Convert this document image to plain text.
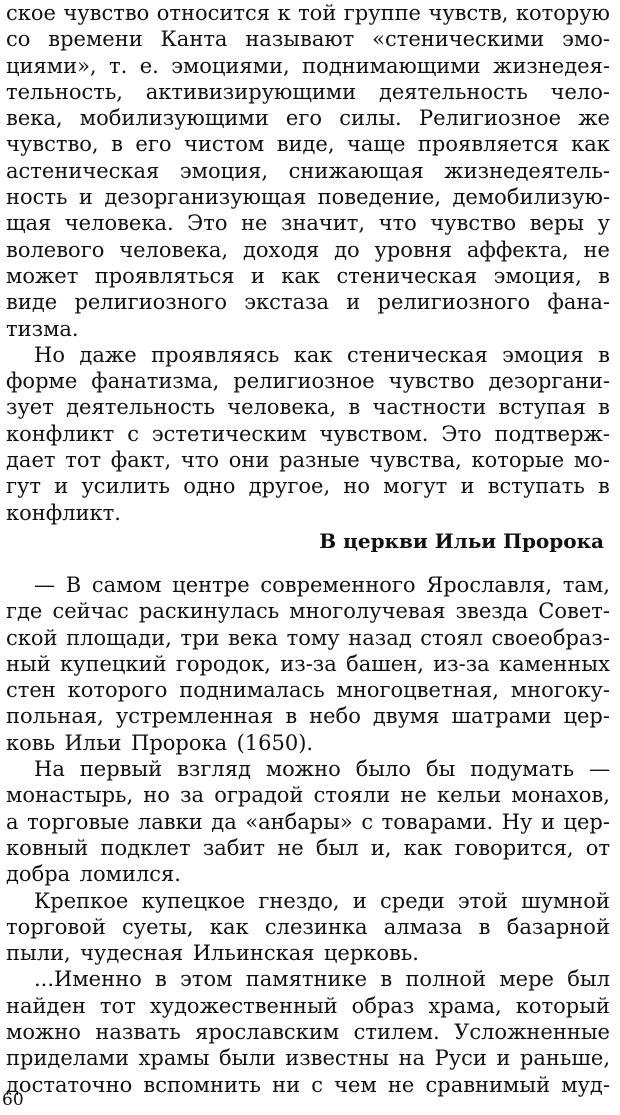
ское чувство относится к той группе чувств, которую
со времени Канта называют «стеническими эмо-
циями», т. е. эмоциями, поднимающими жизнедея-
тельность, активизирующими деятельность чело-
века, мобилизующими его силы. Религиозное же
чувство, в его чистом виде, чаще проявляется как
астеническая эмоция, снижающая жизнедеятель-
ность и дезорганизующая поведение, демобилизую-
щая человека. Это не значит, что чувство веры у
волевого человека, доходя до уровня аффекта, не
может проявляться и как стеническая эмоция, в
виде религиозного экстаза и религиозного фана-
тизма.
Но даже проявляясь как стеническая эмоция в
форме фанатизма, религиозное чувство дезоргани-
зует деятельность человека, в частности вступая в
конфликт с эстетическим чувством. Это подтверж-
дает тот факт, что они разные чувства, которые мо-
гут и усилить одно другое, но могут и вступать в
конфликт.
В церкви Ильи Пророка
— В самом центре современного Ярославля, там,
где сейчас раскинулась многолучевая звезда Совет-
ской площади, три века тому назад стоял своеобраз-
ный купецкий городок, из-за башен, из-за каменных
стен которого поднималась многоцветная, многоку-
польная, устремленная в небо двумя шатрами цер-
ковь Ильи Пророка (1650).
На первый взгляд можно было бы подумать —
монастырь, но за оградой стояли не кельи монахов,
а торговые лавки да «анбары» с товарами. Ну и цер-
ковный подклет забит не был и, как говорится, от
добра ломился.
Крепкое купецкое гнездо, и среди этой шумной
торговой суеты, как слезинка алмаза в базарной
пыли, чудесная Ильинская церковь.
...Именно в этом памятнике в полной мере был
найден тот художественный образ храма, который
можно назвать ярославским стилем. Усложненные
приделами храмы были известны на Руси и раньше,
достаточно вспомнить ни с чем не сравнимый муд-
60
